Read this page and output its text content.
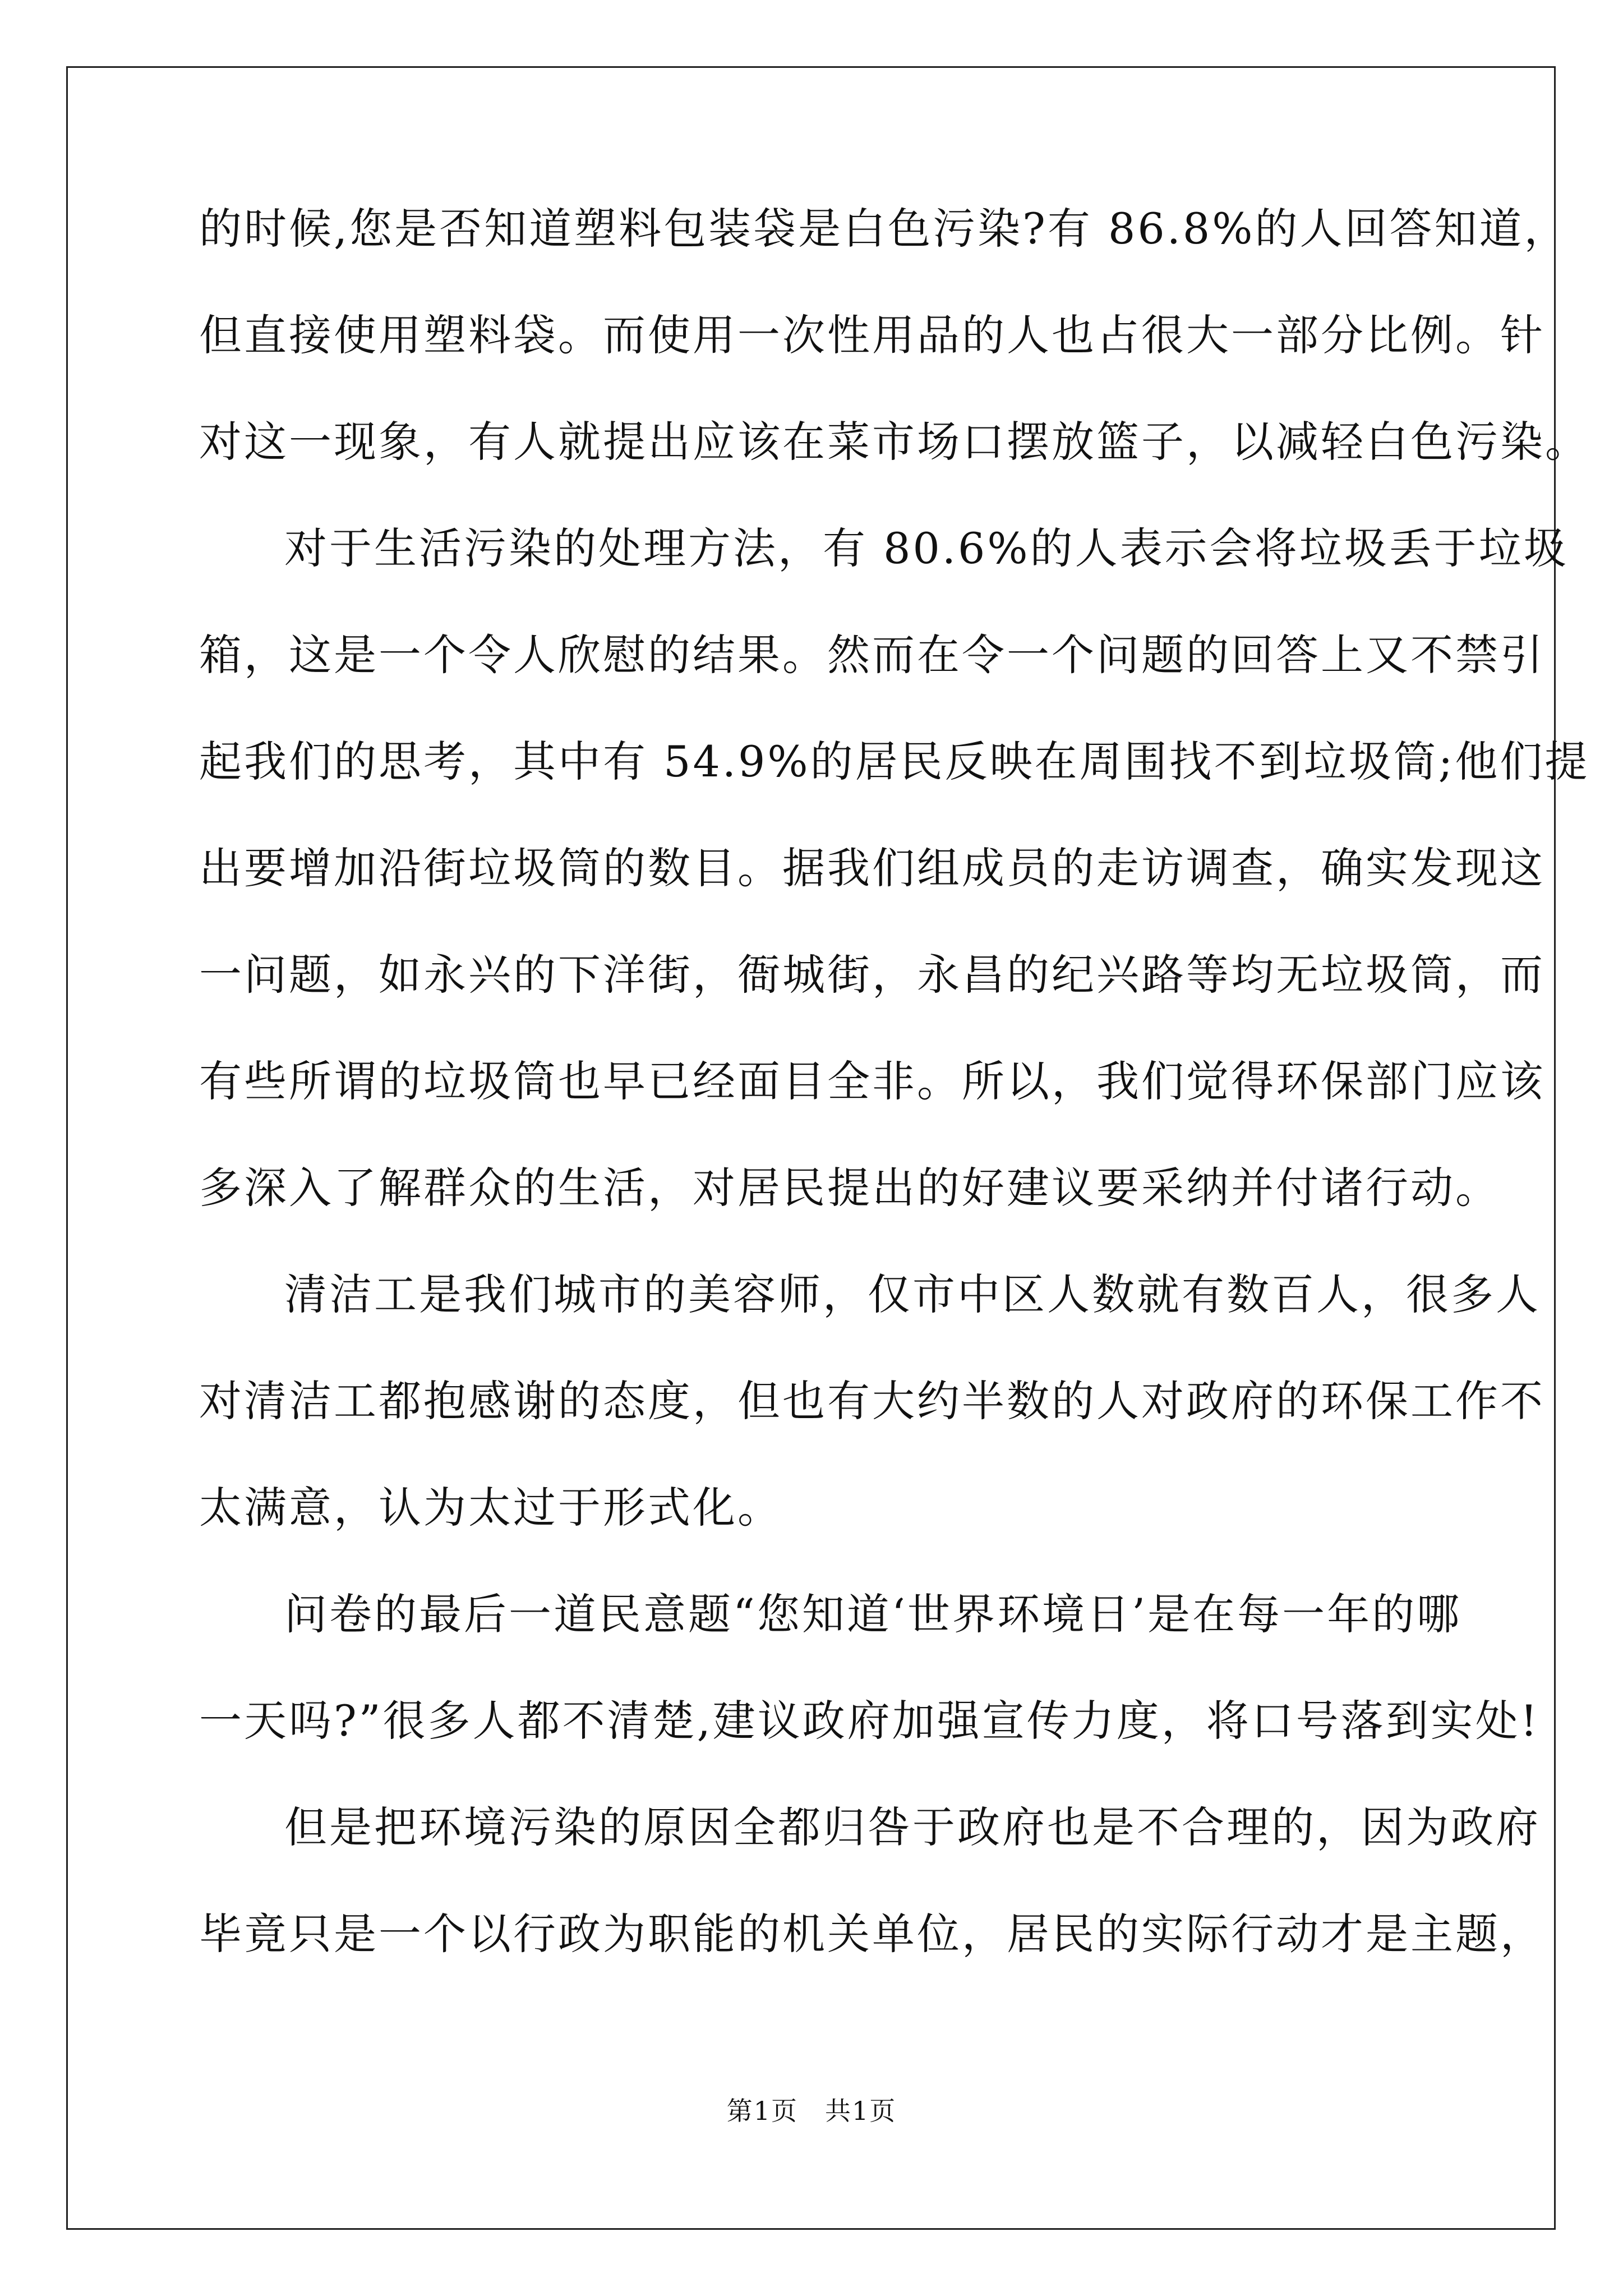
的时候,您是否知道塑料包装袋是白色污染?有 86.8%的人回答知道，
但直接使用塑料袋。而使用一次性用品的人也占很大一部分比例。针
对这一现象，有人就提出应该在菜市场口摆放篮子，以减轻白色污染。
对于生活污染的处理方法，有 80.6%的人表示会将垃圾丢于垃圾
箱，这是一个令人欣慰的结果。然而在令一个问题的回答上又不禁引
起我们的思考，其中有 54.9%的居民反映在周围找不到垃圾筒;他们提
出要增加沿街垃圾筒的数目。据我们组成员的走访调查，确实发现这
一问题，如永兴的下洋街，衙城街，永昌的纪兴路等均无垃圾筒，而
有些所谓的垃圾筒也早已经面目全非。所以，我们觉得环保部门应该
多深入了解群众的生活，对居民提出的好建议要采纳并付诸行动。
清洁工是我们城市的美容师，仅市中区人数就有数百人，很多人
对清洁工都抱感谢的态度，但也有大约半数的人对政府的环保工作不
太满意，认为太过于形式化。
问卷的最后一道民意题“您知道‘世界环境日’是在每一年的哪
一天吗?”很多人都不清楚,建议政府加强宣传力度，将口号落到实处!
但是把环境污染的原因全都归咎于政府也是不合理的，因为政府
毕竟只是一个以行政为职能的机关单位，居民的实际行动才是主题，
第1页　共1页
